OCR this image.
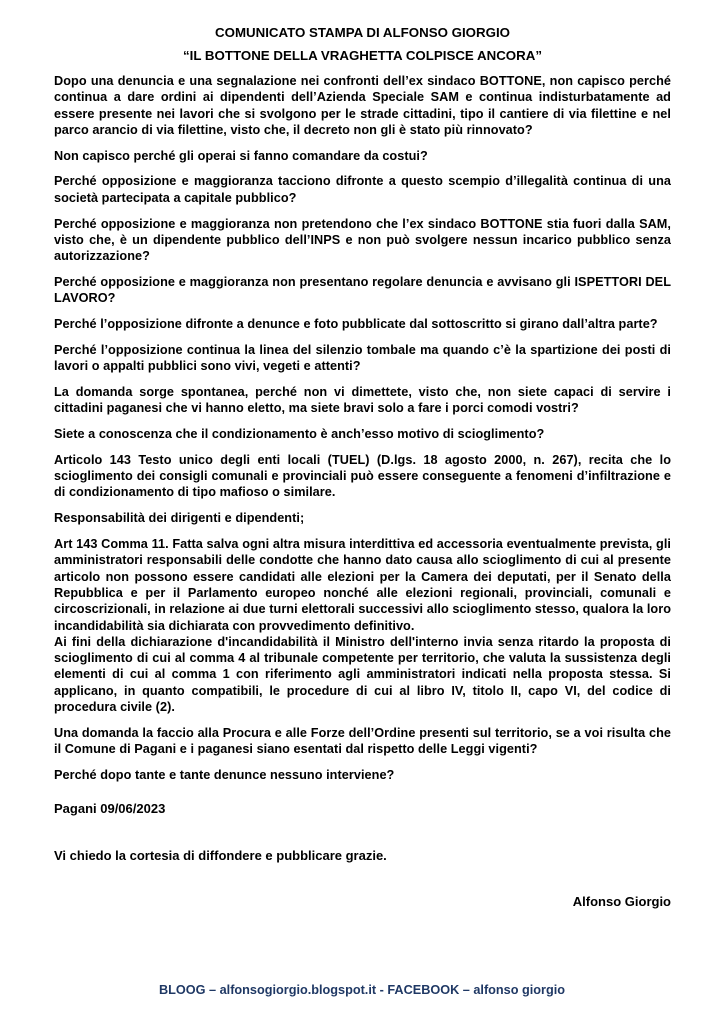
COMUNICATO STAMPA DI ALFONSO GIORGIO

“IL BOTTONE DELLA VRAGHETTA COLPISCE ANCORA”

Dopo una denuncia e una segnalazione nei confronti dell’ex sindaco BOTTONE, non capisco perché continua a dare ordini ai dipendenti dell’Azienda Speciale SAM e continua indisturbatamente ad essere presente nei lavori che si svolgono per le strade cittadini, tipo il cantiere di via filettine e nel parco arancio di via filettine, visto che, il decreto non gli è stato più rinnovato?

Non capisco perché gli operai si fanno comandare da costui?

Perché opposizione e maggioranza tacciono difronte a questo scempio d’illegalità continua di una società partecipata a capitale pubblico?

Perché opposizione e maggioranza non pretendono che l’ex sindaco BOTTONE stia fuori dalla SAM, visto che, è un dipendente pubblico dell’INPS e non può svolgere nessun incarico pubblico senza autorizzazione?

Perché opposizione e maggioranza non presentano regolare denuncia e avvisano gli ISPETTORI DEL LAVORO?

Perché l’opposizione difronte a denunce e foto pubblicate dal sottoscritto si girano dall’altra parte?

Perché l’opposizione continua la linea del silenzio tombale ma quando c’è la spartizione dei posti di lavori o appalti pubblici sono vivi, vegeti e attenti?

La domanda sorge spontanea, perché non vi dimettete, visto che, non siete capaci di servire i cittadini paganesi che vi hanno eletto, ma siete bravi solo a fare i porci comodi vostri?

Siete a conoscenza che il condizionamento è anch’esso motivo di scioglimento?

Articolo 143 Testo unico degli enti locali (TUEL) (D.lgs. 18 agosto 2000, n. 267), recita che lo scioglimento dei consigli comunali e provinciali può essere conseguente a fenomeni d’infiltrazione e di condizionamento di tipo mafioso o similare.

Responsabilità dei dirigenti e dipendenti;

Art 143 Comma 11. Fatta salva ogni altra misura interdittiva ed accessoria eventualmente prevista, gli amministratori responsabili delle condotte che hanno dato causa allo scioglimento di cui al presente articolo non possono essere candidati alle elezioni per la Camera dei deputati, per il Senato della Repubblica e per il Parlamento europeo nonché alle elezioni regionali, provinciali, comunali e circoscrizionali, in relazione ai due turni elettorali successivi allo scioglimento stesso, qualora la loro incandidabilità sia dichiarata con provvedimento definitivo.

Ai fini della dichiarazione d'incandidabilità il Ministro dell'interno invia senza ritardo la proposta di scioglimento di cui al comma 4 al tribunale competente per territorio, che valuta la sussistenza degli elementi di cui al comma 1 con riferimento agli amministratori indicati nella proposta stessa. Si applicano, in quanto compatibili, le procedure di cui al libro IV, titolo II, capo VI, del codice di procedura civile (2).

Una domanda la faccio alla Procura e alle Forze dell’Ordine presenti sul territorio, se a voi risulta che il Comune di Pagani e i paganesi siano esentati dal rispetto delle Leggi vigenti?

Perché dopo tante e tante denunce nessuno interviene?

Pagani 09/06/2023

Vi chiedo la cortesia di diffondere e pubblicare grazie.

Alfonso Giorgio

BLOOG – alfonsogiorgio.blogspot.it - FACEBOOK – alfonso giorgio
